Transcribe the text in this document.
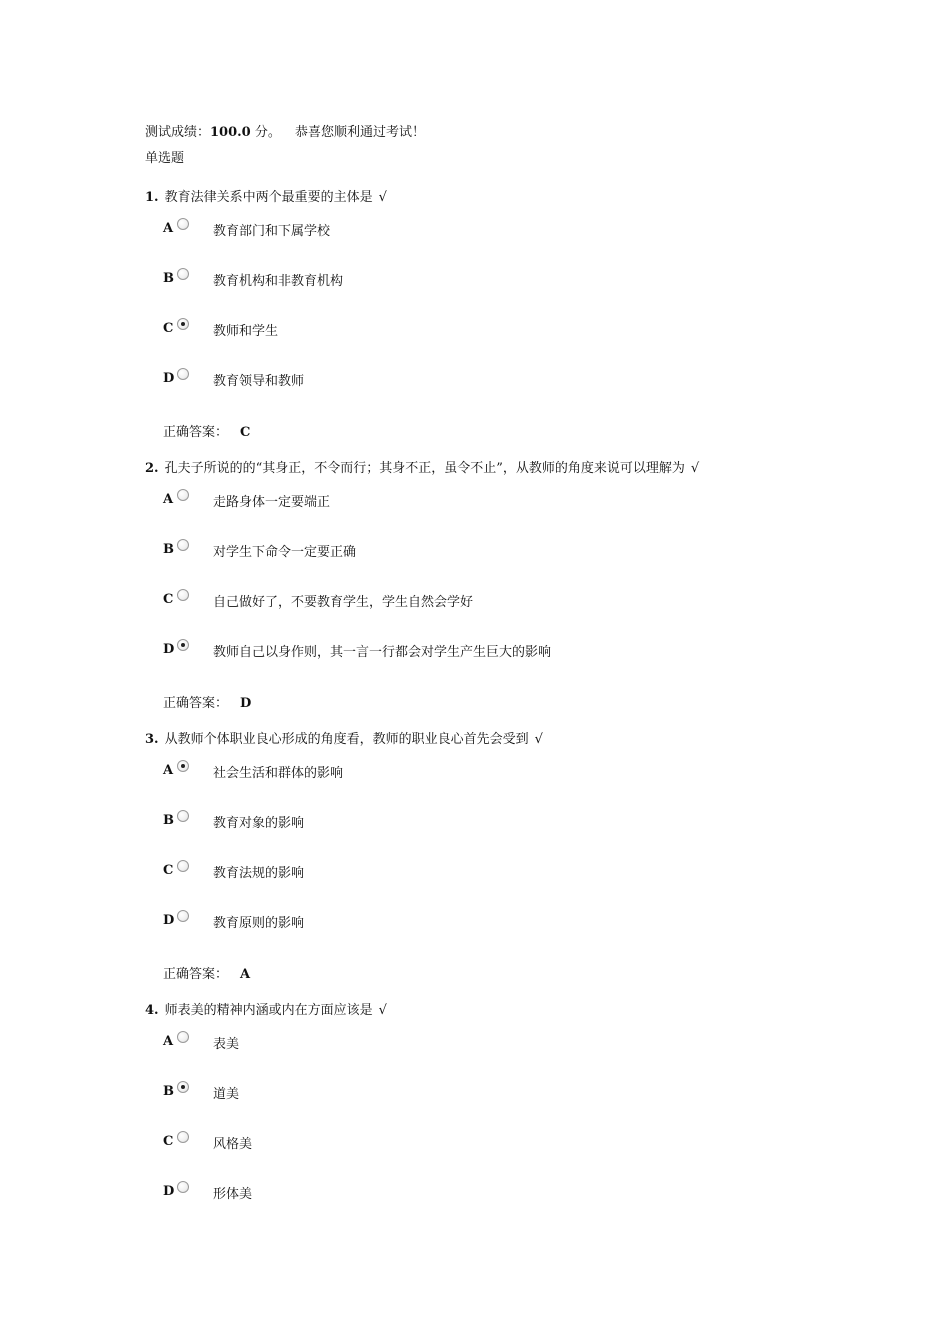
测试成绩：100.0 分。 恭喜您顺利通过考试！
单选题
1. 教育法律关系中两个最重要的主体是 √
A	教育部门和下属学校
B	教育机构和非教育机构
C	教师和学生
D	教育领导和教师
正确答案： C
2. 孔夫子所说的的“其身正，不令而行；其身不正，虽令不止”，从教师的角度来说可以理解为 √
A	走路身体一定要端正
B	对学生下命令一定要正确
C	自己做好了，不要教育学生，学生自然会学好
D	教师自己以身作则，其一言一行都会对学生产生巨大的影响
正确答案： D
3. 从教师个体职业良心形成的角度看，教师的职业良心首先会受到 √
A	社会生活和群体的影响
B	教育对象的影响
C	教育法规的影响
D	教育原则的影响
正确答案： A
4. 师表美的精神内涵或内在方面应该是 √
A	表美
B	道美
C	风格美
D	形体美
